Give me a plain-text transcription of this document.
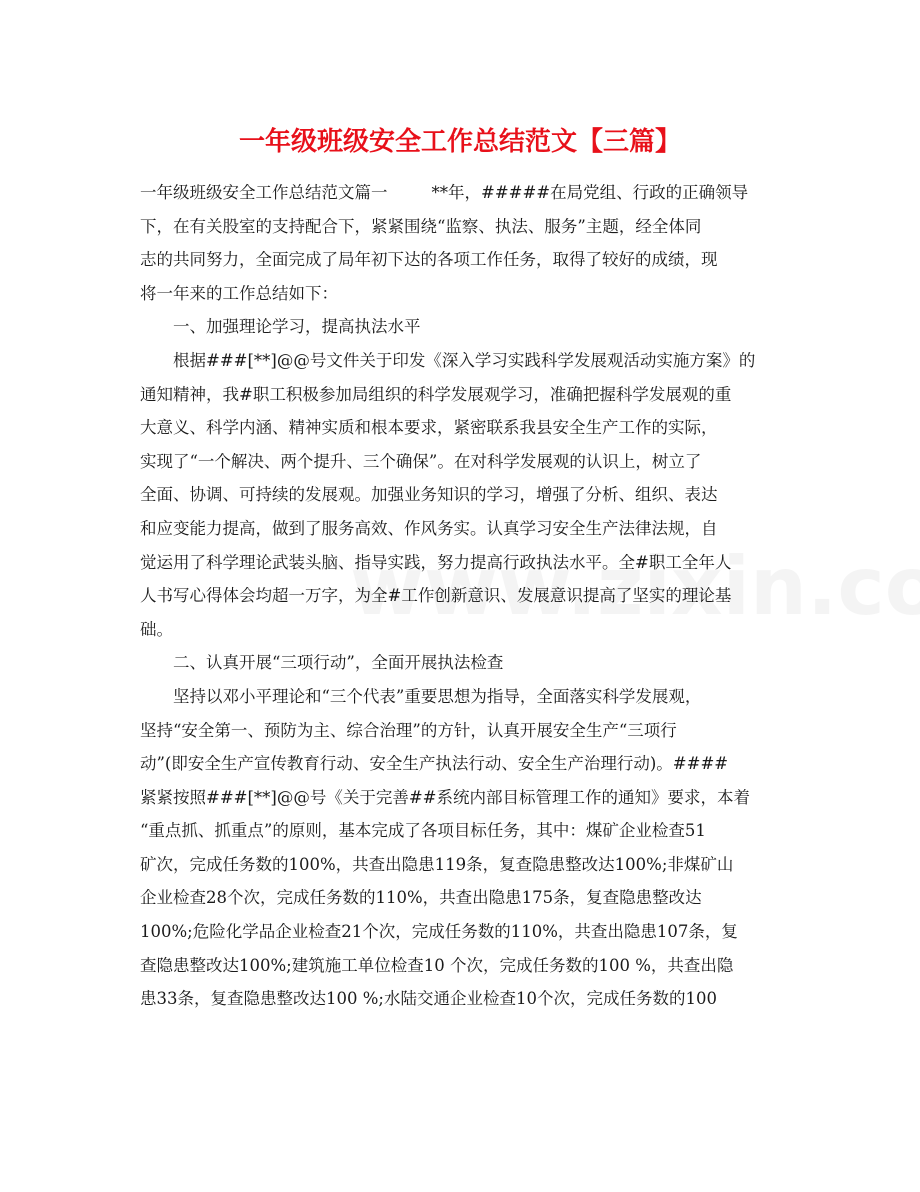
一年级班级安全工作总结范文【三篇】
一年级班级安全工作总结范文篇一	**年，#####在局党组、行政的正确领导
下，在有关股室的支持配合下，紧紧围绕“监察、执法、服务”主题，经全体同
志的共同努力，全面完成了局年初下达的各项工作任务，取得了较好的成绩，现
将一年来的工作总结如下：
一、加强理论学习，提高执法水平
根据###[**]@@号文件关于印发《深入学习实践科学发展观活动实施方案》的
通知精神，我#职工积极参加局组织的科学发展观学习，准确把握科学发展观的重
大意义、科学内涵、精神实质和根本要求，紧密联系我县安全生产工作的实际，
实现了“一个解决、两个提升、三个确保”。在对科学发展观的认识上，树立了
全面、协调、可持续的发展观。加强业务知识的学习，增强了分析、组织、表达
和应变能力提高，做到了服务高效、作风务实。认真学习安全生产法律法规，自
觉运用了科学理论武装头脑、指导实践，努力提高行政执法水平。全#职工全年人
人书写心得体会均超一万字，为全#工作创新意识、发展意识提高了坚实的理论基
础。
二、认真开展“三项行动”，全面开展执法检查
坚持以邓小平理论和“三个代表”重要思想为指导，全面落实科学发展观，
坚持“安全第一、预防为主、综合治理”的方针，认真开展安全生产“三项行
动”(即安全生产宣传教育行动、安全生产执法行动、安全生产治理行动)。####
紧紧按照###[**]@@号《关于完善##系统内部目标管理工作的通知》要求，本着
“重点抓、抓重点”的原则，基本完成了各项目标任务，其中：煤矿企业检查51
矿次，完成任务数的100%，共查出隐患119条，复查隐患整改达100%;非煤矿山
企业检查28个次，完成任务数的110%，共查出隐患175条，复查隐患整改达
100%;危险化学品企业检查21个次，完成任务数的110%，共查出隐患107条，复
查隐患整改达100%;建筑施工单位检查10 个次，完成任务数的100 %，共查出隐
患33条，复查隐患整改达100 %;水陆交通企业检查10个次，完成任务数的100
